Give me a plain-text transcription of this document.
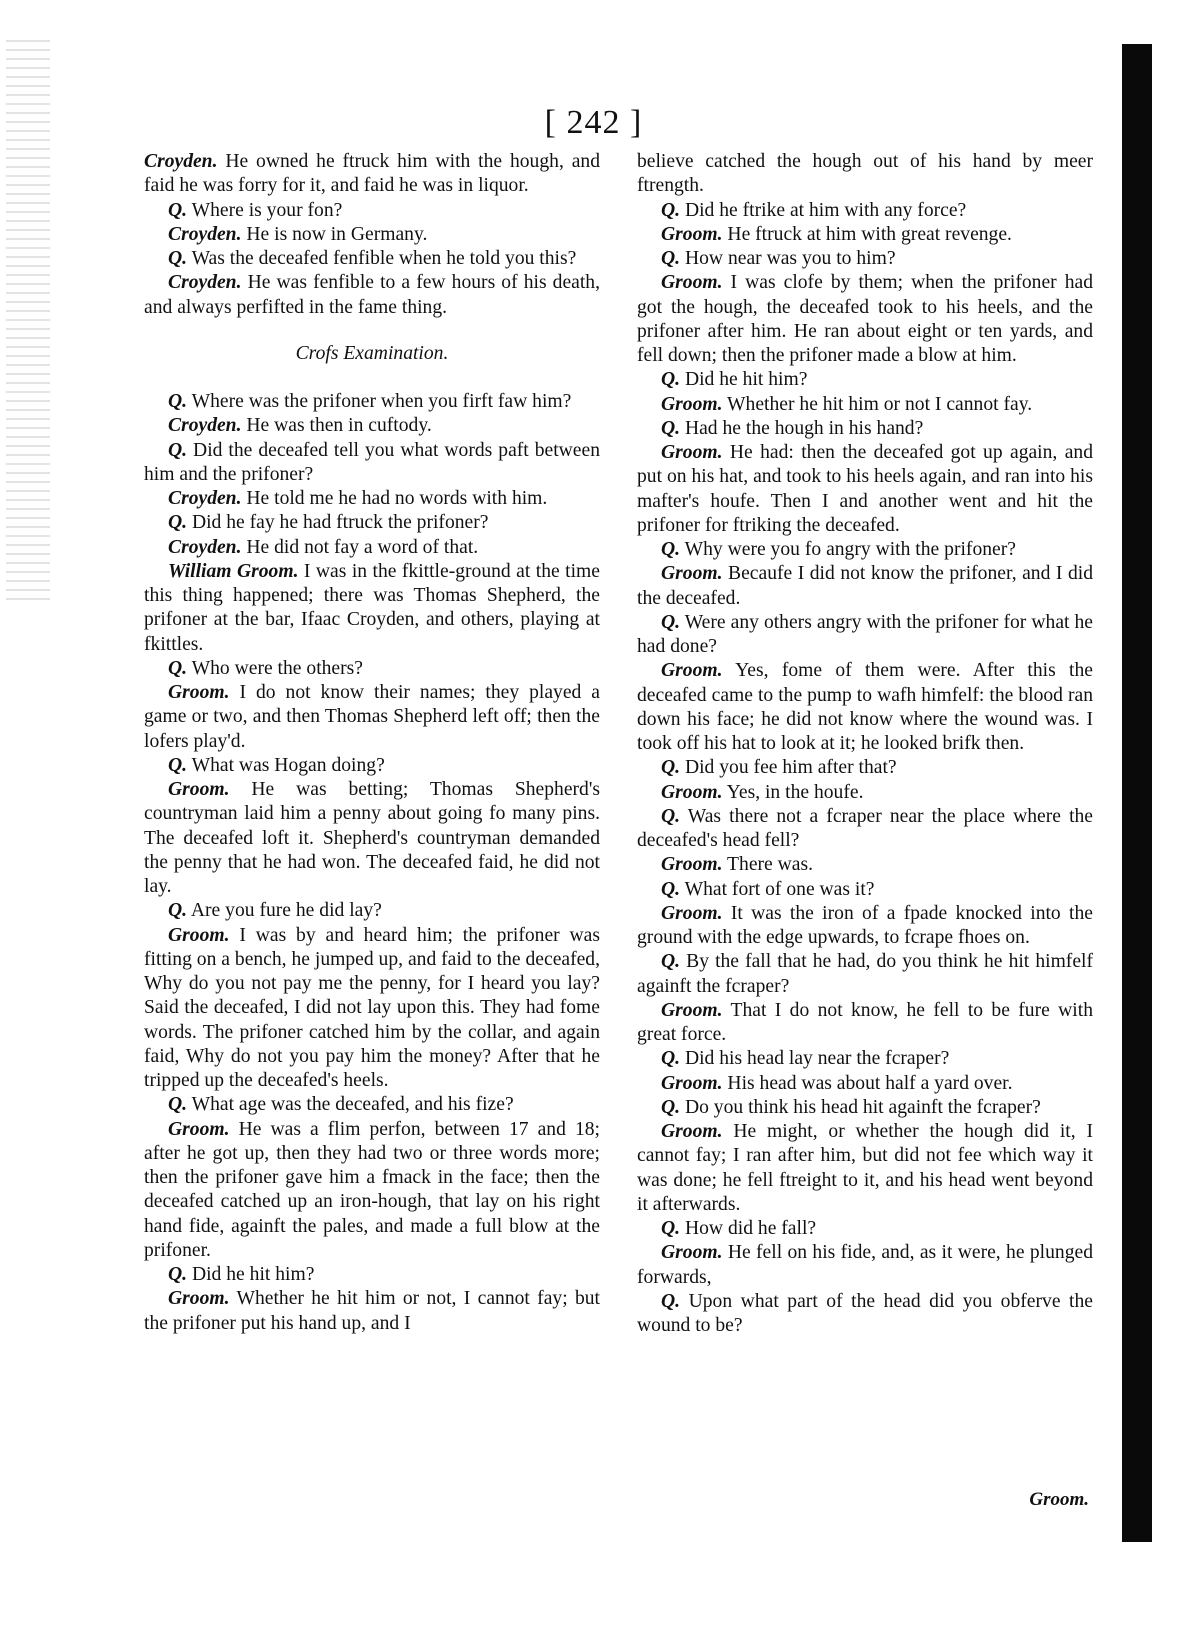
[ 242 ]

Croyden. He owned he ftruck him with the hough, and faid he was forry for it, and faid he was in liquor.

Q. Where is your fon?

Croyden. He is now in Germany.

Q. Was the deceafed fenfible when he told you this?

Croyden. He was fenfible to a few hours of his death, and always perfifted in the fame thing.

Crofs Examination.

Q. Where was the prifoner when you firft faw him?

Croyden. He was then in cuftody.

Q. Did the deceafed tell you what words paft between him and the prifoner?

Croyden. He told me he had no words with him.

Q. Did he fay he had ftruck the prifoner?

Croyden. He did not fay a word of that.

William Groom. I was in the fkittle-ground at the time this thing happened; there was Thomas Shepherd, the prifoner at the bar, Ifaac Croyden, and others, playing at fkittles.

Q. Who were the others?

Groom. I do not know their names; they played a game or two, and then Thomas Shepherd left off; then the lofers play'd.

Q. What was Hogan doing?

Groom. He was betting; Thomas Shepherd's countryman laid him a penny about going fo many pins. The deceafed loft it. Shepherd's countryman demanded the penny that he had won. The deceafed faid, he did not lay.

Q. Are you fure he did lay?

Groom. I was by and heard him; the prifoner was fitting on a bench, he jumped up, and faid to the deceafed, Why do you not pay me the penny, for I heard you lay? Said the deceafed, I did not lay upon this. They had fome words. The prifoner catched him by the collar, and again faid, Why do not you pay him the money? After that he tripped up the deceafed's heels.

Q. What age was the deceafed, and his fize?

Groom. He was a flim perfon, between 17 and 18; after he got up, then they had two or three words more; then the prifoner gave him a fmack in the face; then the deceafed catched up an iron-hough, that lay on his right hand fide, againft the pales, and made a full blow at the prifoner.

Q. Did he hit him?

Groom. Whether he hit him or not, I cannot fay; but the prifoner put his hand up, and I

believe catched the hough out of his hand by meer ftrength.

Q. Did he ftrike at him with any force?

Groom. He ftruck at him with great revenge.

Q. How near was you to him?

Groom. I was clofe by them; when the prifoner had got the hough, the deceafed took to his heels, and the prifoner after him. He ran about eight or ten yards, and fell down; then the prifoner made a blow at him.

Q. Did he hit him?

Groom. Whether he hit him or not I cannot fay.

Q. Had he the hough in his hand?

Groom. He had: then the deceafed got up again, and put on his hat, and took to his heels again, and ran into his mafter's houfe. Then I and another went and hit the prifoner for ftriking the deceafed.

Q. Why were you fo angry with the prifoner?

Groom. Becaufe I did not know the prifoner, and I did the deceafed.

Q. Were any others angry with the prifoner for what he had done?

Groom. Yes, fome of them were. After this the deceafed came to the pump to wafh himfelf: the blood ran down his face; he did not know where the wound was. I took off his hat to look at it; he looked brifk then.

Q. Did you fee him after that?

Groom. Yes, in the houfe.

Q. Was there not a fcraper near the place where the deceafed's head fell?

Groom. There was.

Q. What fort of one was it?

Groom. It was the iron of a fpade knocked into the ground with the edge upwards, to fcrape fhoes on.

Q. By the fall that he had, do you think he hit himfelf againft the fcraper?

Groom. That I do not know, he fell to be fure with great force.

Q. Did his head lay near the fcraper?

Groom. His head was about half a yard over.

Q. Do you think his head hit againft the fcraper?

Groom. He might, or whether the hough did it, I cannot fay; I ran after him, but did not fee which way it was done; he fell ftreight to it, and his head went beyond it afterwards.

Q. How did he fall?

Groom. He fell on his fide, and, as it were, he plunged forwards,

Q. Upon what part of the head did you obferve the wound to be?

Groom.
